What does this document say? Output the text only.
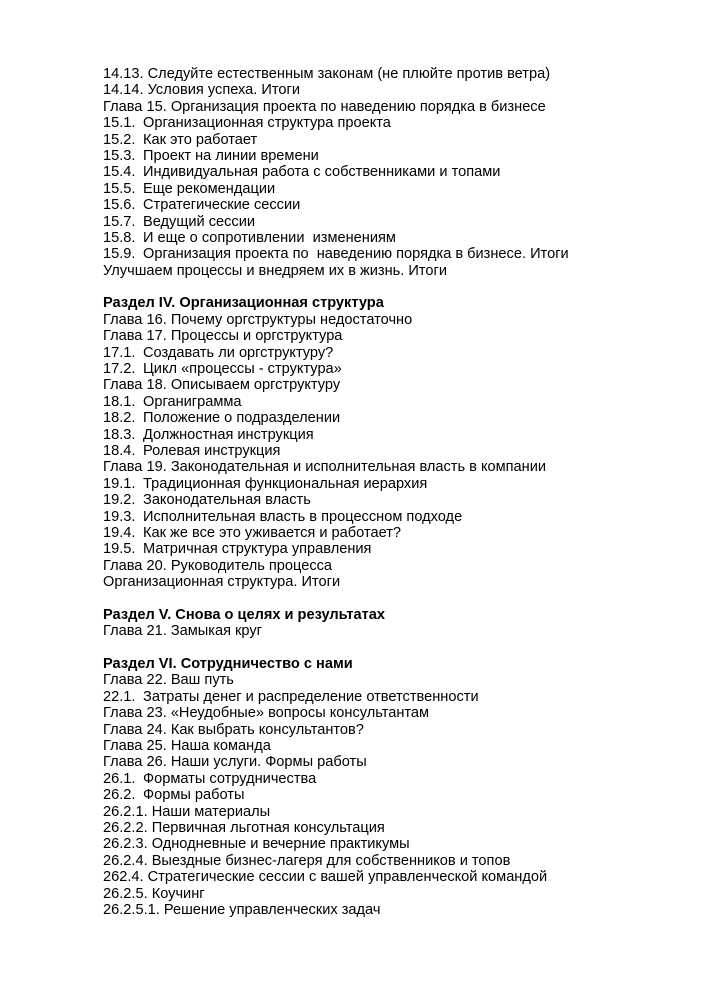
14.13. Следуйте естественным законам (не плюйте против ветра)
14.14. Условия успеха. Итоги
Глава 15. Организация проекта по наведению порядка в бизнесе
15.1. Организационная структура проекта
15.2. Как это работает
15.3. Проект на линии времени
15.4. Индивидуальная работа с собственниками и топами
15.5. Еще рекомендации
15.6. Стратегические сессии
15.7. Ведущий сессии
15.8. И еще о сопротивлении  изменениям
15.9. Организация проекта по  наведению порядка в бизнесе. Итоги
Улучшаем процессы и внедряем их в жизнь. Итоги
Раздел IV. Организационная структура
Глава 16. Почему оргструктуры недостаточно
Глава 17. Процессы и оргструктура
17.1. Создавать ли оргструктуру?
17.2. Цикл «процессы - структура»
Глава 18. Описываем оргструктуру
18.1. Органиграмма
18.2. Положение о подразделении
18.3. Должностная инструкция
18.4. Ролевая инструкция
Глава 19. Законодательная и исполнительная власть в компании
19.1. Традиционная функциональная иерархия
19.2. Законодательная власть
19.3. Исполнительная власть в процессном подходе
19.4. Как же все это уживается и работает?
19.5. Матричная структура управления
Глава 20. Руководитель процесса
Организационная структура. Итоги
Раздел V. Снова о целях и результатах
Глава 21. Замыкая круг
Раздел VI. Сотрудничество с нами
Глава 22. Ваш путь
22.1. Затраты денег и распределение ответственности
Глава 23. «Неудобные» вопросы консультантам
Глава 24. Как выбрать консультантов?
Глава 25. Наша команда
Глава 26. Наши услуги. Формы работы
26.1. Форматы сотрудничества
26.2. Формы работы
26.2.1. Наши материалы
26.2.2. Первичная льготная консультация
26.2.3. Однодневные и вечерние практикумы
26.2.4. Выездные бизнес-лагеря для собственников и топов
262.4. Стратегические сессии с вашей управленческой командой
26.2.5. Коучинг
26.2.5.1. Решение управленческих задач
